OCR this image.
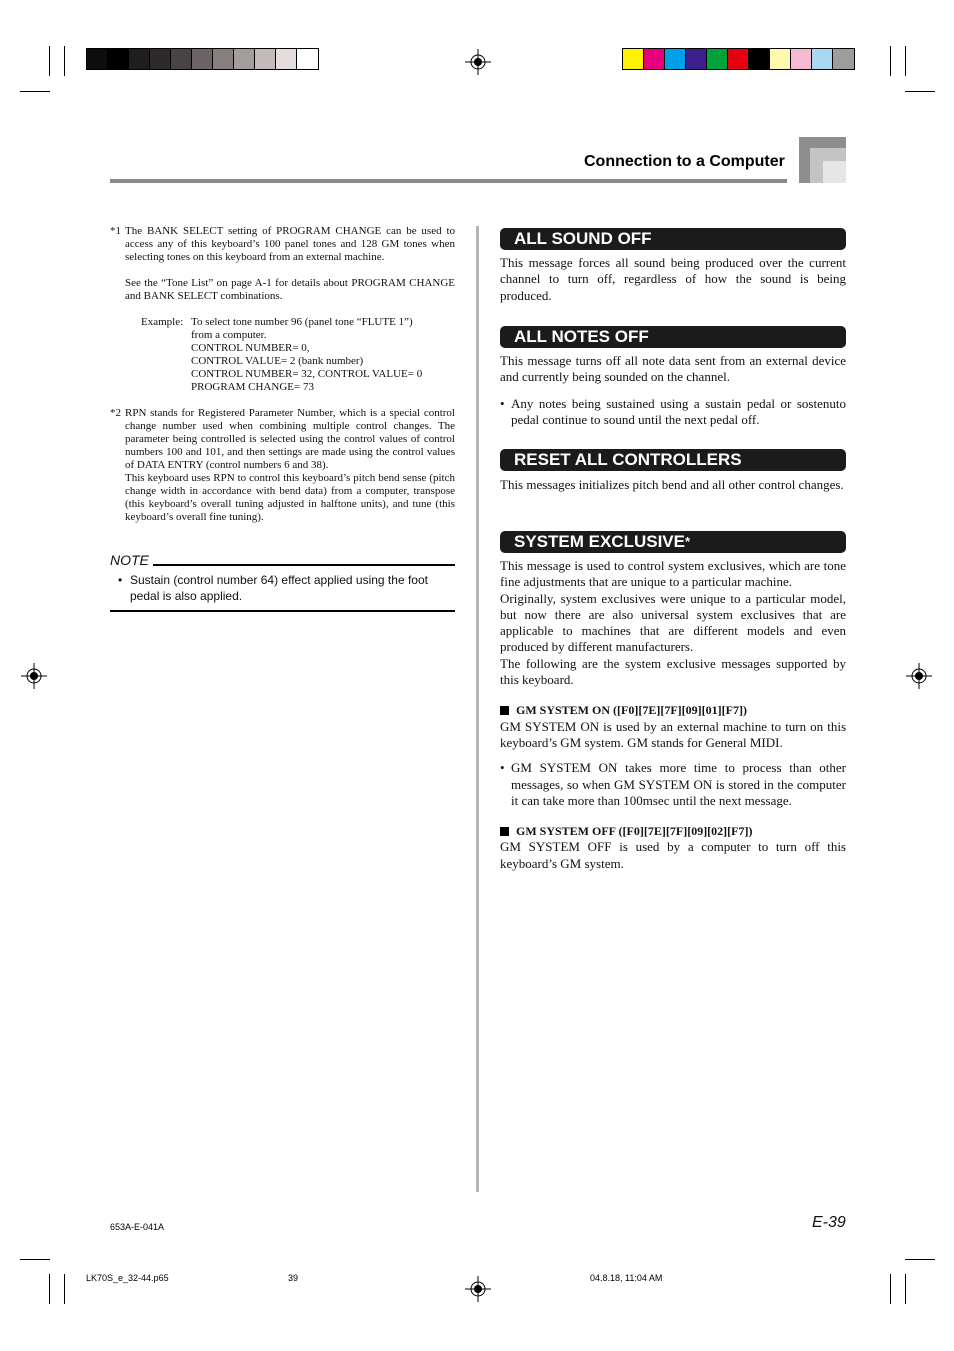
Connection to a Computer
*1 The BANK SELECT setting of PROGRAM CHANGE can be used to access any of this keyboard’s 100 panel tones and 128 GM tones when selecting tones on this keyboard from an external machine.

See the “Tone List” on page A-1 for details about PROGRAM CHANGE and BANK SELECT combinations.

Example: To select tone number 96 (panel tone “FLUTE 1”)
from a computer.
CONTROL NUMBER= 0,
CONTROL VALUE= 2 (bank number)
CONTROL NUMBER= 32, CONTROL VALUE= 0
PROGRAM CHANGE= 73
*2 RPN stands for Registered Parameter Number, which is a special control change number used when combining multiple control changes. The parameter being controlled is selected using the control values of control numbers 100 and 101, and then settings are made using the control values of DATA ENTRY (control numbers 6 and 38).

This keyboard uses RPN to control this keyboard’s pitch bend sense (pitch change width in accordance with bend data) from a computer, transpose (this keyboard’s overall tuning adjusted in halftone units), and tune (this keyboard’s overall fine tuning).

NOTE
• Sustain (control number 64) effect applied using the foot pedal is also applied.
ALL SOUND OFF

This message forces all sound being produced over the current channel to turn off, regardless of how the sound is being produced.

ALL NOTES OFF

This message turns off all note data sent from an external device and currently being sounded on the channel.

• Any notes being sustained using a sustain pedal or sostenuto pedal continue to sound until the next pedal off.
RESET ALL CONTROLLERS

This messages initializes pitch bend and all other control changes.

SYSTEM EXCLUSIVE*

This message is used to control system exclusives, which are tone fine adjustments that are unique to a particular machine.

Originally, system exclusives were unique to a particular model, but now there are also universal system exclusives that are applicable to machines that are different models and even produced by different manufacturers.

The following are the system exclusive messages supported by this keyboard.

GM SYSTEM ON ([F0][7E][7F][09][01][F7])

GM SYSTEM ON is used by an external machine to turn on this keyboard’s GM system. GM stands for General MIDI.

• GM SYSTEM ON takes more time to process than other messages, so when GM SYSTEM ON is stored in the computer it can take more than 100msec until the next message.
GM SYSTEM OFF ([F0][7E][7F][09][02][F7])

GM SYSTEM OFF is used by a computer to turn off this keyboard’s GM system.

653A-E-041A	E-39
LK70S_e_32-44.p65	39	04.8.18, 11:04 AM
